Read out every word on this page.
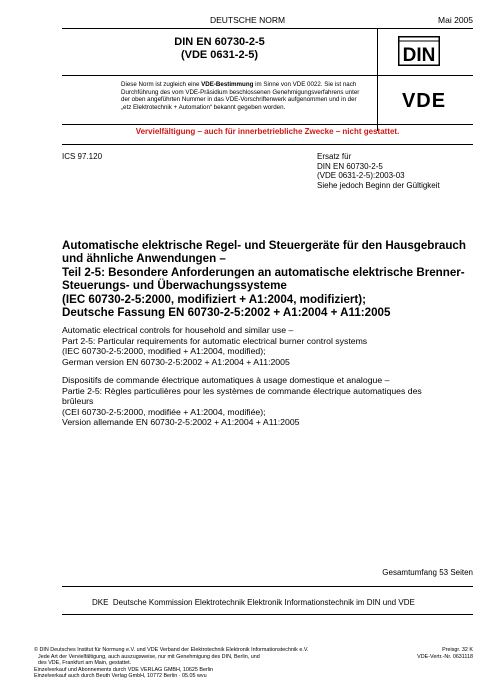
DEUTSCHE NORM	Mai 2005
DIN EN 60730-2-5
(VDE 0631-2-5)	DIN
Diese Norm ist zugleich eine VDE-Bestimmung im Sinne von VDE 0022. Sie ist nach
Durchführung des vom VDE-Präsidium beschlossenen Genehmigungsverfahrens unter
der oben angeführten Nummer in das VDE-Vorschriftenwerk aufgenommen und in der
„etz Elektrotechnik + Automation“ bekannt gegeben worden.	VDE
Vervielfältigung – auch für innerbetriebliche Zwecke – nicht gestattet.
ICS 97.120	Ersatz für
DIN EN 60730-2-5
(VDE 0631-2-5):2003-03
Siehe jedoch Beginn der Gültigkeit
Automatische elektrische Regel- und Steuergeräte für den Hausgebrauch
und ähnliche Anwendungen –
Teil 2-5: Besondere Anforderungen an automatische elektrische Brenner-
Steuerungs- und Überwachungssysteme
(IEC 60730-2-5:2000, modifiziert + A1:2004, modifiziert);
Deutsche Fassung EN 60730-2-5:2002 + A1:2004 + A11:2005
Automatic electrical controls for household and similar use –
Part 2-5: Particular requirements for automatic electrical burner control systems
(IEC 60730-2-5:2000, modified + A1:2004, modified);
German version EN 60730-2-5:2002 + A1:2004 + A11:2005
Dispositifs de commande électrique automatiques à usage domestique et analogue –
Partie 2-5: Règles particulières pour les systèmes de commande électrique automatiques des
brûleurs
(CEI 60730-2-5:2000, modifiée + A1:2004, modifiée);
Version allemande EN 60730-2-5:2002 + A1:2004 + A11:2005
Gesamtumfang 53 Seiten
DKE Deutsche Kommission Elektrotechnik Elektronik Informationstechnik im DIN und VDE
© DIN Deutsches Institut für Normung e.V. und VDE Verband der Elektrotechnik Elektronik Informationstechnik e.V.
Jede Art der Vervielfältigung, auch auszugsweise, nur mit Genehmigung des DIN, Berlin, und
des VDE, Frankfurt am Main, gestattet.
Einzelverkauf und Abonnements durch VDE VERLAG GMBH, 10625 Berlin
Einzelverkauf auch durch Beuth Verlag GmbH, 10772 Berlin · 05.05 wvu
Preisgr. 32 K
VDE-Vertr.-Nr. 0631118
